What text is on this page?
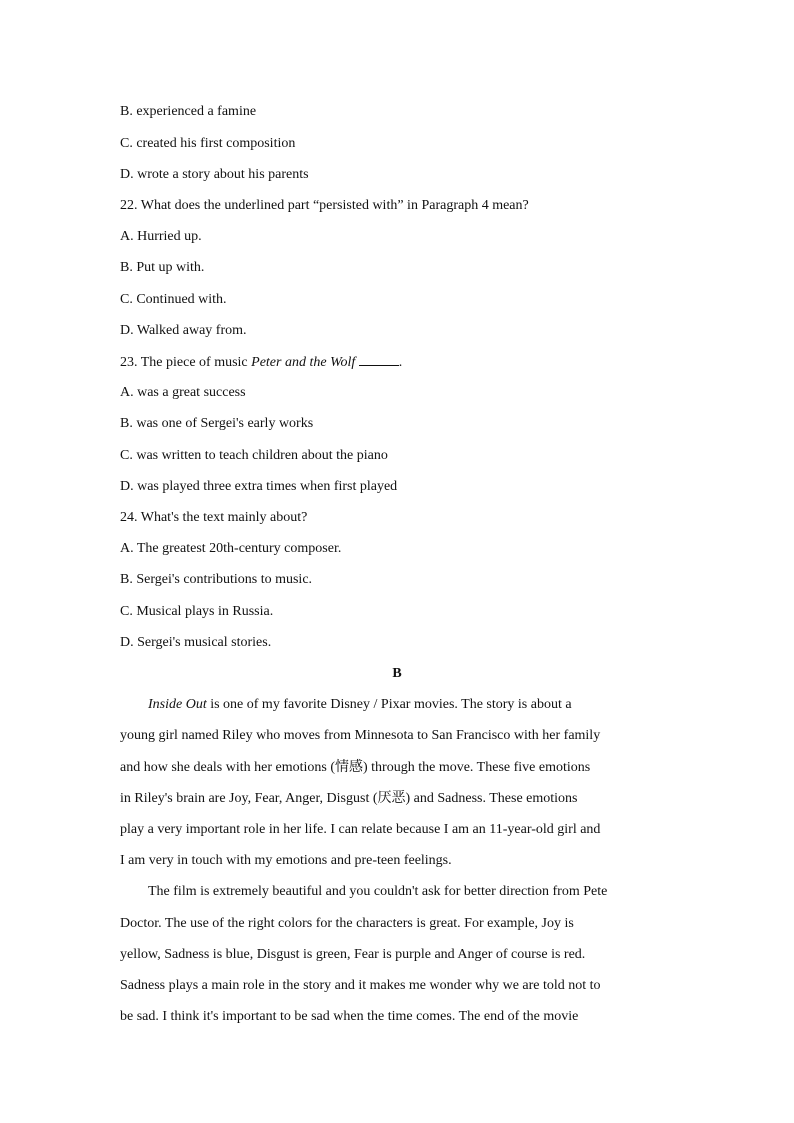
B. experienced a famine
C. created his first composition
D. wrote a story about his parents
22. What does the underlined part “persisted with” in Paragraph 4 mean?
A. Hurried up.
B. Put up with.
C. Continued with.
D. Walked away from.
23. The piece of music Peter and the Wolf	.
A. was a great success
B. was one of Sergei's early works
C. was written to teach children about the piano
D. was played three extra times when first played
24. What's the text mainly about?
A. The greatest 20th-century composer.
B. Sergei's contributions to music.
C. Musical plays in Russia.
D. Sergei's musical stories.
B
Inside Out is one of my favorite Disney / Pixar movies. The story is about a
young girl named Riley who moves from Minnesota to San Francisco with her family
and how she deals with her emotions (情感) through the move. These five emotions
in Riley's brain are Joy, Fear, Anger, Disgust (厌恶) and Sadness. These emotions
play a very important role in her life. I can relate because I am an 11-year-old girl and
I am very in touch with my emotions and pre-teen feelings.
The film is extremely beautiful and you couldn't ask for better direction from Pete
Doctor. The use of the right colors for the characters is great. For example, Joy is
yellow, Sadness is blue, Disgust is green, Fear is purple and Anger of course is red.
Sadness plays a main role in the story and it makes me wonder why we are told not to
be sad. I think it's important to be sad when the time comes. The end of the movie
